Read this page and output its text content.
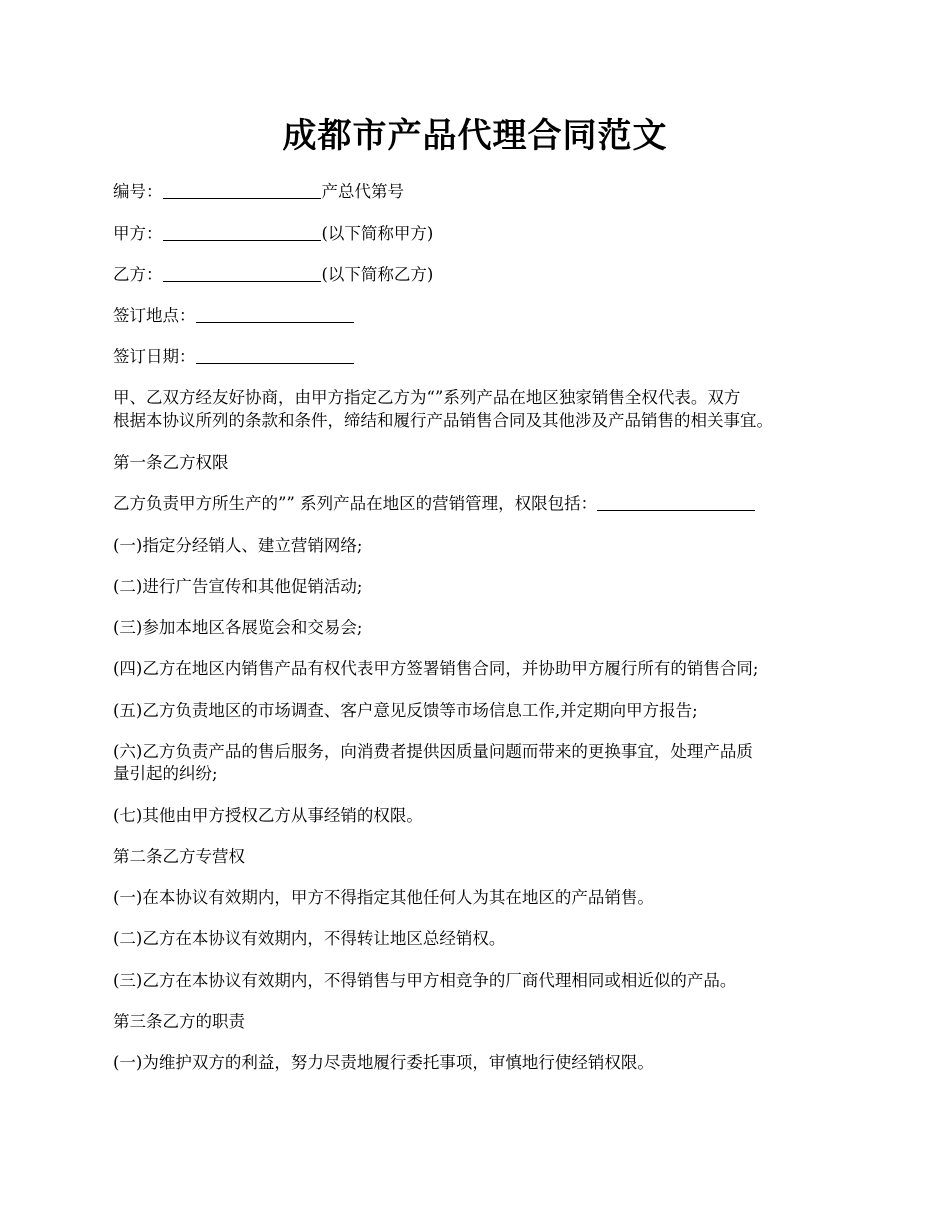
成都市产品代理合同范文

编号：	产总代第号

甲方：	(以下简称甲方)

乙方：	(以下简称乙方)

签订地点：

签订日期：

甲、乙双方经友好协商，由甲方指定乙方为“”系列产品在地区独家销售全权代表。双方

根据本协议所列的条款和条件，缔结和履行产品销售合同及其他涉及产品销售的相关事宜。

第一条乙方权限

乙方负责甲方所生产的”” 系列产品在地区的营销管理，权限包括：

(一)指定分经销人、建立营销网络;

(二)进行广告宣传和其他促销活动;

(三)参加本地区各展览会和交易会;

(四)乙方在地区内销售产品有权代表甲方签署销售合同，并协助甲方履行所有的销售合同;

(五)乙方负责地区的市场调查、客户意见反馈等市场信息工作,并定期向甲方报告;

(六)乙方负责产品的售后服务，向消费者提供因质量问题而带来的更换事宜，处理产品质

量引起的纠纷;

(七)其他由甲方授权乙方从事经销的权限。

第二条乙方专营权

(一)在本协议有效期内，甲方不得指定其他任何人为其在地区的产品销售。

(二)乙方在本协议有效期内，不得转让地区总经销权。

(三)乙方在本协议有效期内，不得销售与甲方相竞争的厂商代理相同或相近似的产品。

第三条乙方的职责

(一)为维护双方的利益，努力尽责地履行委托事项，审慎地行使经销权限。
